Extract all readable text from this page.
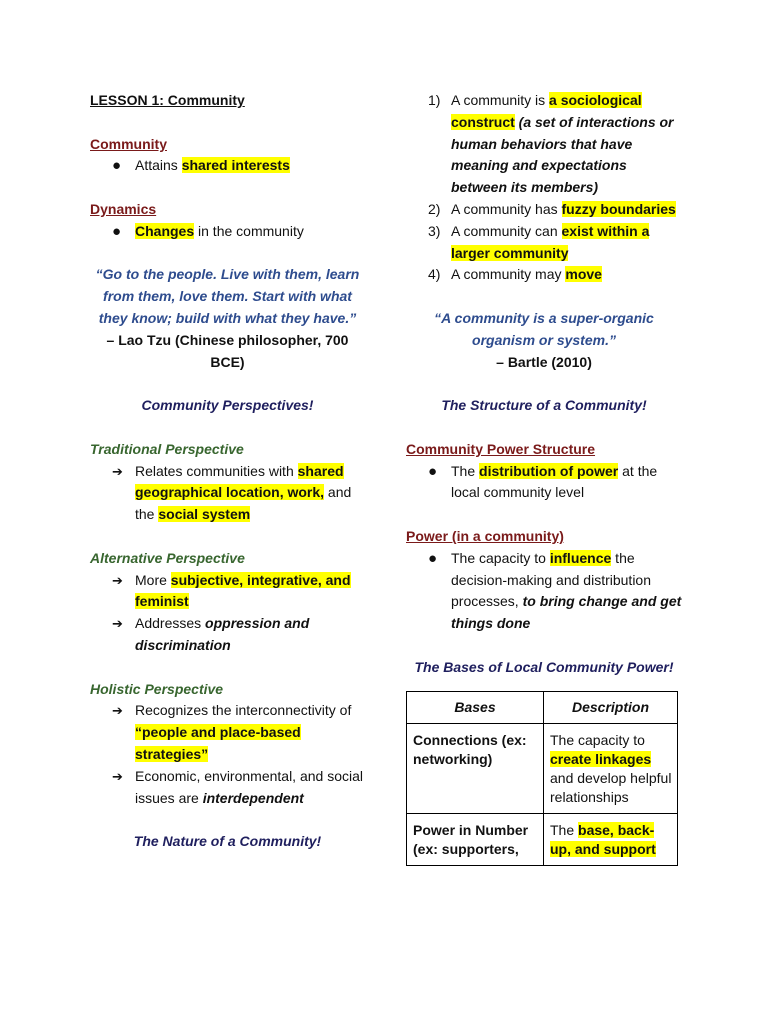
LESSON 1: Community

Community

● Attains shared interests

Dynamics

● Changes in the community

“Go to the people. Live with them, learn from them, love them. Start with what they know; build with what they have.”

– Lao Tzu (Chinese philosopher, 700 BCE)

Community Perspectives!

Traditional Perspective

➔ Relates communities with shared geographical location, work, and the social system

Alternative Perspective

➔ More subjective, integrative, and feminist
➔ Addresses oppression and discrimination

Holistic Perspective

➔ Recognizes the interconnectivity of “people and place-based strategies”
➔ Economic, environmental, and social issues are interdependent

The Nature of a Community!

1) A community is a sociological construct (a set of interactions or human behaviors that have meaning and expectations between its members)
2) A community has fuzzy boundaries
3) A community can exist within a larger community
4) A community may move

“A community is a super-organic organism or system.”

– Bartle (2010)

The Structure of a Community!

Community Power Structure

● The distribution of power at the local community level

Power (in a community)

● The capacity to influence the decision-making and distribution processes, to bring change and get things done

The Bases of Local Community Power!

Bases	Description
Connections (ex: networking)	The capacity to create linkages and develop helpful relationships
Power in Number (ex: supporters,	The base, back-up, and support
